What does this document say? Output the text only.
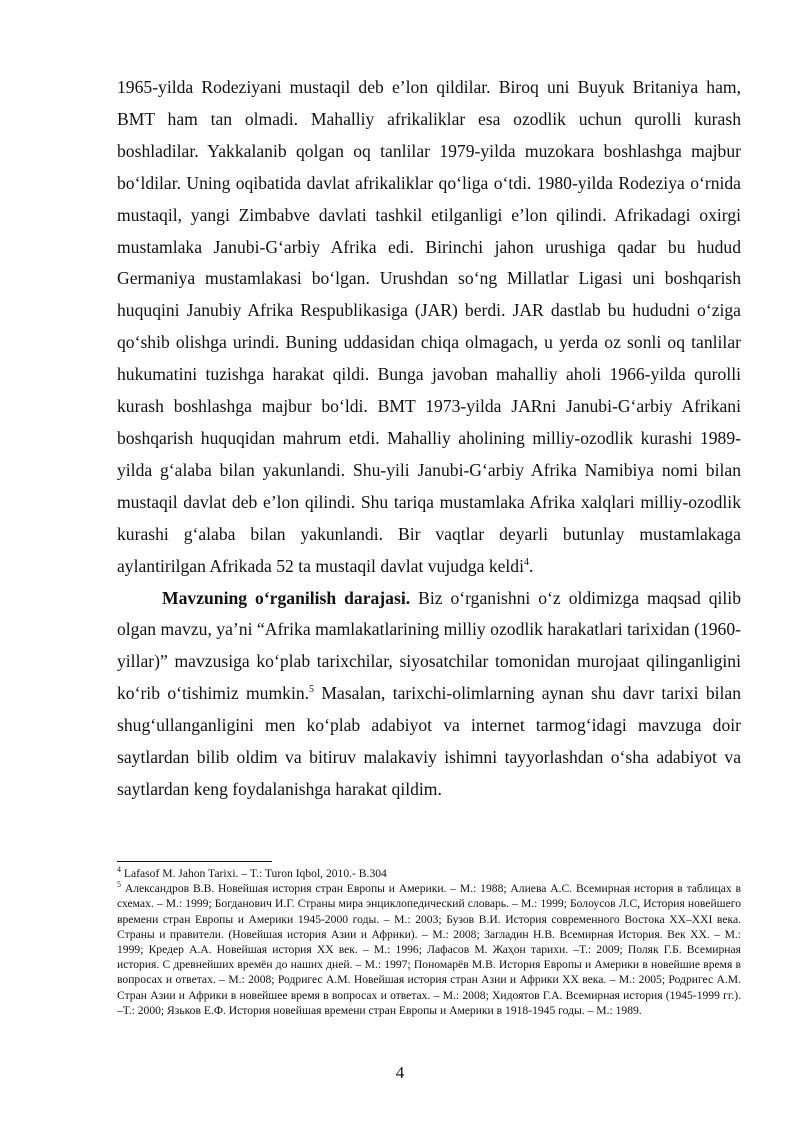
1965-yilda Rodeziyani mustaqil deb e’lon qildilar. Biroq uni Buyuk Britaniya ham, BMT ham tan olmadi. Mahalliy afrikaliklar esa ozodlik uchun qurolli kurash boshladilar. Yakkalanib qolgan oq tanlilar 1979-yilda muzokara boshlashga majbur bo‘ldilar. Uning oqibatida davlat afrikaliklar qo‘liga o‘tdi. 1980-yilda Rodeziya o‘rnida mustaqil, yangi Zimbabve davlati tashkil etilganligi e’lon qilindi. Afrikadagi oxirgi mustamlaka Janubi-G‘arbiy Afrika edi. Birinchi jahon urushiga qadar bu hudud Germaniya mustamlakasi bo‘lgan. Urushdan so‘ng Millatlar Ligasi uni boshqarish huquqini Janubiy Afrika Respublikasiga (JAR) berdi. JAR dastlab bu hududni o‘ziga qo‘shib olishga urindi. Buning uddasidan chiqa olmagach, u yerda oz sonli oq tanlilar hukumatini tuzishga harakat qildi. Bunga javoban mahalliy aholi 1966-yilda qurolli kurash boshlashga majbur bo‘ldi. BMT 1973-yilda JARni Janubi-G‘arbiy Afrikani boshqarish huquqidan mahrum etdi. Mahalliy aholining milliy-ozodlik kurashi 1989-yilda g‘alaba bilan yakunlandi. Shu-yili Janubi-G‘arbiy Afrika Namibiya nomi bilan mustaqil davlat deb e’lon qilindi. Shu tariqa mustamlaka Afrika xalqlari milliy-ozodlik kurashi g‘alaba bilan yakunlandi. Bir vaqtlar deyarli butunlay mustamlakaga aylantirilgan Afrikada 52 ta mustaqil davlat vujudga keldi$^4$.

Mavzuning o‘rganilish darajasi. Biz o‘rganishni o‘z oldimizga maqsad qilib olgan mavzu, ya’ni “Afrika mamlakatlarining milliy ozodlik harakatlari tarixidan (1960-yillar)” mavzusiga ko‘plab tarixchilar, siyosatchilar tomonidan murojaat qilinganligini ko‘rib o‘tishimiz mumkin.$^5$ Masalan, tarixchi-olimlarning aynan shu davr tarixi bilan shug‘ullanganligini men ko‘plab adabiyot va internet tarmog‘idagi mavzuga doir saytlardan bilib oldim va bitiruv malakaviy ishimni tayyorlashdan o‘sha adabiyot va saytlardan keng foydalanishga harakat qildim.

$^4$ Lafasof M. Jahon Tarixi. – T.: Turon Iqbol, 2010.- B.304

$^5$ Александров В.В. Новейшая история стран Европы и Америки. – М.: 1988; Алиева А.С. Всемирная история в таблицах в схемах. – М.: 1999; Богданович И.Г. Страны мира энциклопедический словарь. – М.: 1999; Болоусов Л.С, История новейшего времени стран Европы и Америки 1945-2000 годы. – М.: 2003; Бузов В.И. История современного Востока XX–XXI века. Страны и правители. (Новейшая история Азии и Африки). – М.: 2008; Загладин Н.В. Всемирная История. Век XX. – М.: 1999; Кредер А.А. Новейшая история XX век. – М.: 1996; Лафасов М. Жаҳон тарихи. –Т.: 2009; Поляк Г.Б. Всемирная история. С древнейших времён до наших дней. – М.: 1997; Пономарёв М.В. История Европы и Америки в новейшие время в вопросах и ответах. – М.: 2008; Родригес А.М. Новейшая история стран Азии и Африки XX века. – М.: 2005; Родригес А.М. Стран Азии и Африки в новейшее время в вопросах и ответах. – М.: 2008; Хидоятов Г.А. Всемирная история (1945-1999 гг.). –Т.: 2000; Язьков Е.Ф. История новейшая времени стран Европы и Америки в 1918-1945 годы. – М.: 1989.

4
